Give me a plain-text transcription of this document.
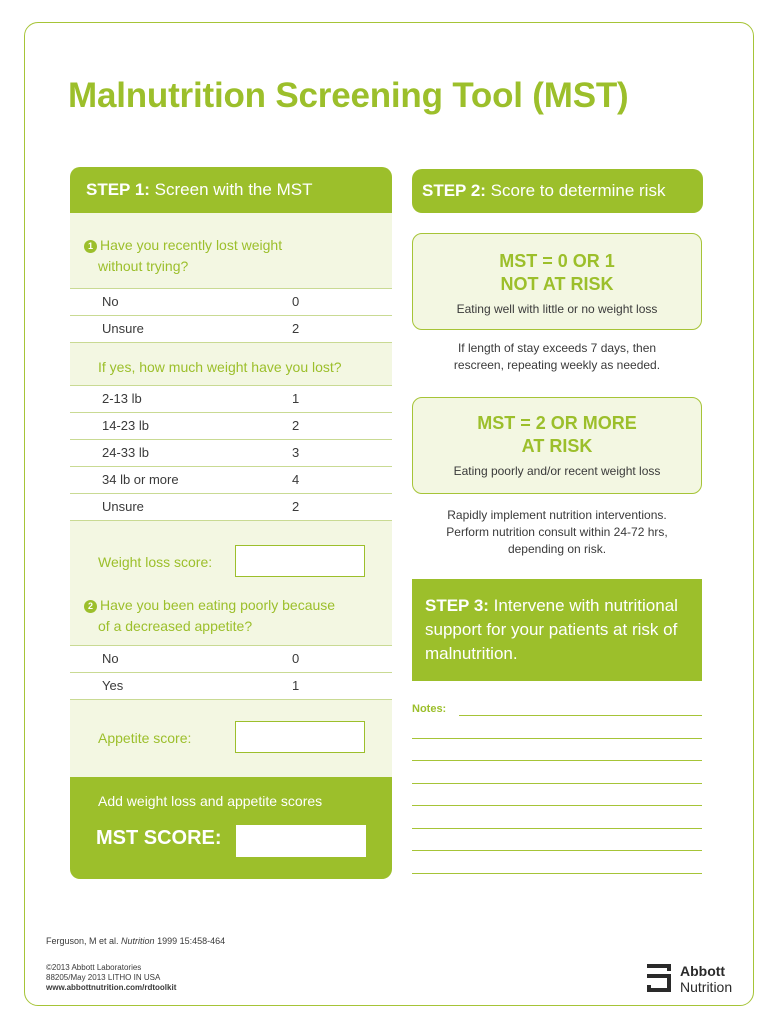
Malnutrition Screening Tool (MST)
STEP 1: Screen with the MST
1 Have you recently lost weight
without trying?
No	0
Unsure	2
If yes, how much weight have you lost?
2-13 lb	1
14-23 lb	2
24-33 lb	3
34 lb or more	4
Unsure	2
Weight loss score:
2 Have you been eating poorly because
of a decreased appetite?
No	0
Yes	1
Appetite score:
Add weight loss and appetite scores
MST SCORE:
STEP 2: Score to determine risk
MST = 0 OR 1
NOT AT RISK
Eating well with little or no weight loss
If length of stay exceeds 7 days, then
rescreen, repeating weekly as needed.
MST = 2 OR MORE
AT RISK
Eating poorly and/or recent weight loss
Rapidly implement nutrition interventions.
Perform nutrition consult within 24-72 hrs,
depending on risk.
STEP 3: Intervene with nutritional support for your patients at risk of malnutrition.
Notes:
Ferguson, M et al. Nutrition 1999 15:458-464
©2013 Abbott Laboratories
88205/May 2013 LITHO IN USA
www.abbottnutrition.com/rdtoolkit
Abbott
Nutrition
